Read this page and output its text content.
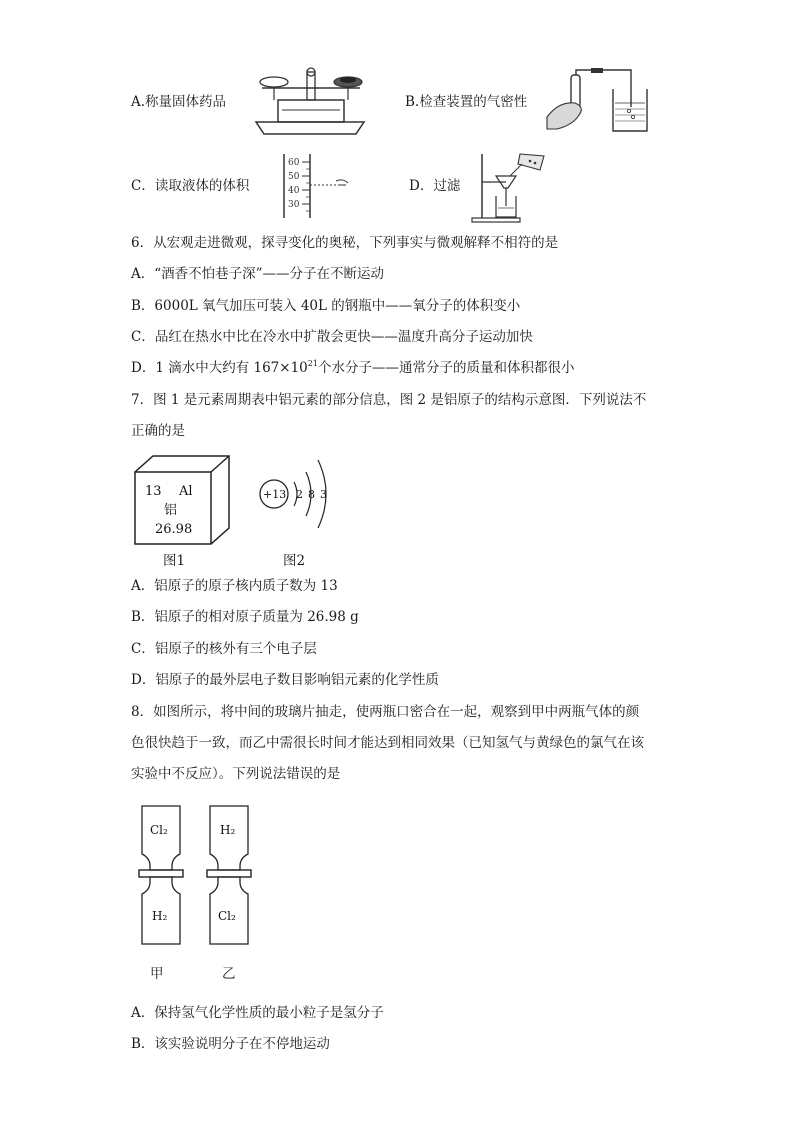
A.称量固体药品	B.检查装置的气密性
C．读取液体的体积
60
50
40
30
D．过滤
6．从宏观走进微观，探寻变化的奥秘，下列事实与微观解释不相符的是
A．“酒香不怕巷子深”——分子在不断运动
B．6000L 氧气加压可装入 40L 的钢瓶中——氧分子的体积变小
C．品红在热水中比在冷水中扩散会更快——温度升高分子运动加快
D．1 滴水中大约有 $167\times 10^{21}$个水分子——通常分子的质量和体积都很小
7．图 1 是元素周期表中铝元素的部分信息，图 2 是铝原子的结构示意图．下列说法不
正确的是
13 Al
铝
26.98
图1
+13 2 8 3
图2
A．铝原子的原子核内质子数为 13
B．铝原子的相对原子质量为 26.98 g
C．铝原子的核外有三个电子层
D．铝原子的最外层电子数目影响铝元素的化学性质
8．如图所示，将中间的玻璃片抽走，使两瓶口密合在一起，观察到甲中两瓶气体的颜
色很快趋于一致，而乙中需很长时间才能达到相同效果（已知氢气与黄绿色的氯气在该
实验中不反应）。下列说法错误的是
Cl₂
H₂
甲
H₂
Cl₂
乙
A．保持氢气化学性质的最小粒子是氢分子
B．该实验说明分子在不停地运动
